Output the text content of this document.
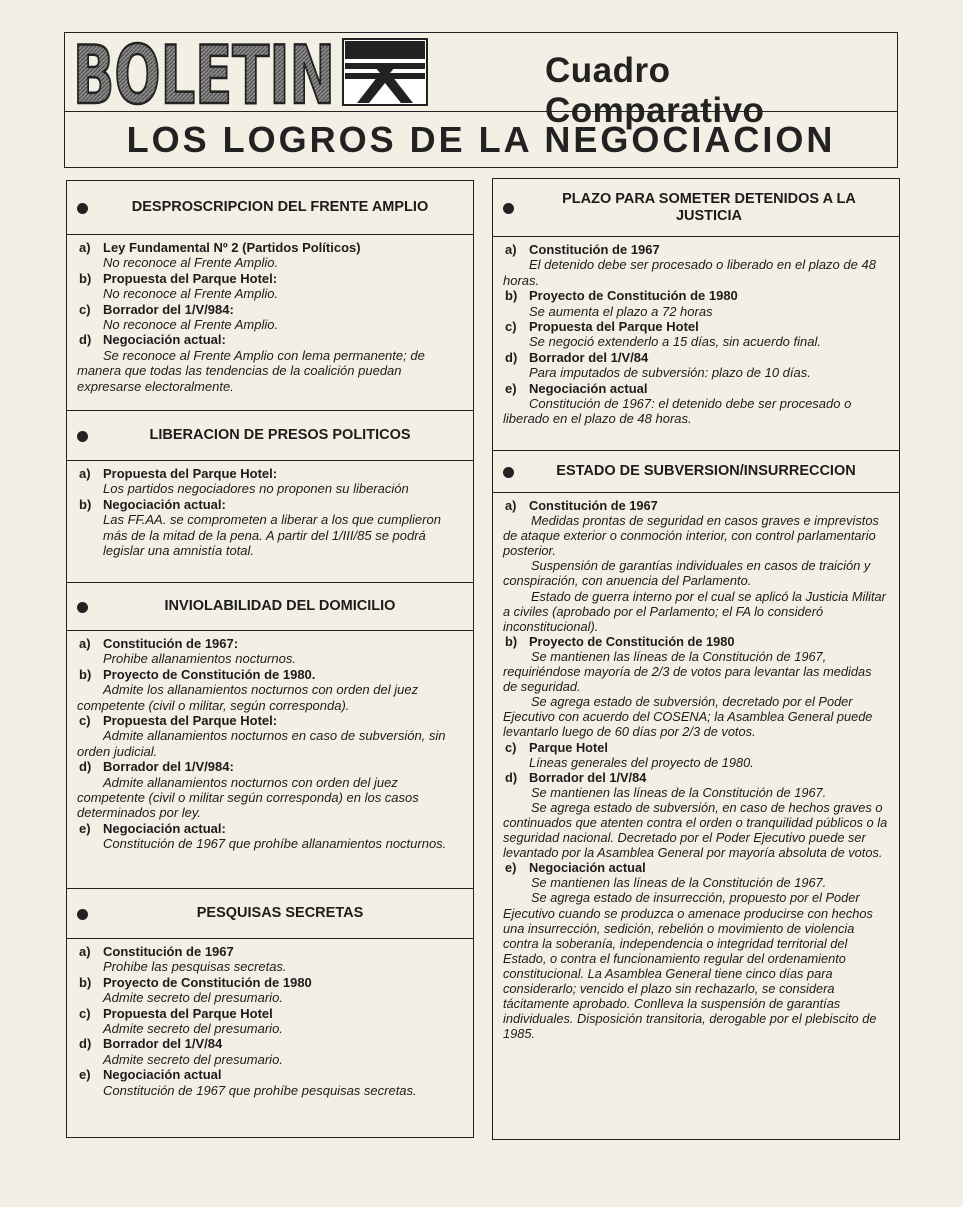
BOLETIN	Cuadro Comparativo
LOS LOGROS DE LA NEGOCIACION
DESPROSCRIPCION DEL FRENTE AMPLIO
a) Ley Fundamental Nº 2 (Partidos Políticos)
No reconoce al Frente Amplio.
b) Propuesta del Parque Hotel:
No reconoce al Frente Amplio.
c) Borrador del 1/V/984:
No reconoce al Frente Amplio.
d) Negociación actual:
Se reconoce al Frente Amplio con lema permanente; de manera que todas las tendencias de la coalición puedan expresarse electoralmente.
LIBERACION DE PRESOS POLITICOS
a) Propuesta del Parque Hotel:
Los partidos negociadores no proponen su liberación
b) Negociación actual:
Las FF.AA. se comprometen a liberar a los que cumplieron más de la mitad de la pena. A partir del 1/III/85 se podrá legislar una amnistía total.
INVIOLABILIDAD DEL DOMICILIO
a) Constitución de 1967:
Prohibe allanamientos nocturnos.
b) Proyecto de Constitución de 1980.
Admite los allanamientos nocturnos con orden del juez competente (civil o militar, según corresponda).
c) Propuesta del Parque Hotel:
Admite allanamientos nocturnos en caso de subversión, sin orden judicial.
d) Borrador del 1/V/984:
Admite allanamientos nocturnos con orden del juez competente (civil o militar según corresponda) en los casos determinados por ley.
e) Negociación actual:
Constitución de 1967 que prohíbe allanamientos nocturnos.
PESQUISAS SECRETAS
a) Constitución de 1967
Prohibe las pesquisas secretas.
b) Proyecto de Constitución de 1980
Admite secreto del presumario.
c) Propuesta del Parque Hotel
Admite secreto del presumario.
d) Borrador del 1/V/84
Admite secreto del presumario.
e) Negociación actual
Constitución de 1967 que prohíbe pesquisas secretas.
PLAZO PARA SOMETER DETENIDOS A LA JUSTICIA
a) Constitución de 1967
El detenido debe ser procesado o liberado en el plazo de 48 horas.
b) Proyecto de Constitución de 1980
Se aumenta el plazo a 72 horas
c) Propuesta del Parque Hotel
Se negoció extenderlo a 15 días, sin acuerdo final.
d) Borrador del 1/V/84
Para imputados de subversión: plazo de 10 días.
e) Negociación actual
Constitución de 1967: el detenido debe ser procesado o liberado en el plazo de 48 horas.
ESTADO DE SUBVERSION/INSURRECCION
a) Constitución de 1967
Medidas prontas de seguridad en casos graves e imprevistos de ataque exterior o conmoción interior, con control parlamentario posterior.
Suspensión de garantías individuales en casos de traición y conspiración, con anuencia del Parlamento.
Estado de guerra interno por el cual se aplicó la Justicia Militar a civiles (aprobado por el Parlamento; el FA lo consideró inconstitucional).
b) Proyecto de Constitución de 1980
Se mantienen las líneas de la Constitución de 1967, requiriéndose mayoría de 2/3 de votos para levantar las medidas de seguridad.
Se agrega estado de subversión, decretado por el Poder Ejecutivo con acuerdo del COSENA; la Asamblea General puede levantarlo luego de 60 días por 2/3 de votos.
c) Parque Hotel
Líneas generales del proyecto de 1980.
d) Borrador del 1/V/84
Se mantienen las líneas de la Constitución de 1967.
Se agrega estado de subversión, en caso de hechos graves o continuados que atenten contra el orden o tranquilidad públicos o la seguridad nacional. Decretado por el Poder Ejecutivo puede ser levantado por la Asamblea General por mayoría absoluta de votos.
e) Negociación actual
Se mantienen las líneas de la Constitución de 1967.
Se agrega estado de insurrección, propuesto por el Poder Ejecutivo cuando se produzca o amenace producirse con hechos una insurrección, sedición, rebelión o movimiento de violencia contra la soberanía, independencia o integridad territorial del Estado, o contra el funcionamiento regular del ordenamiento constitucional. La Asamblea General tiene cinco días para considerarlo; vencido el plazo sin rechazarlo, se considera tácitamente aprobado. Conlleva la suspensión de garantías individuales. Disposición transitoria, derogable por el plebiscito de 1985.
